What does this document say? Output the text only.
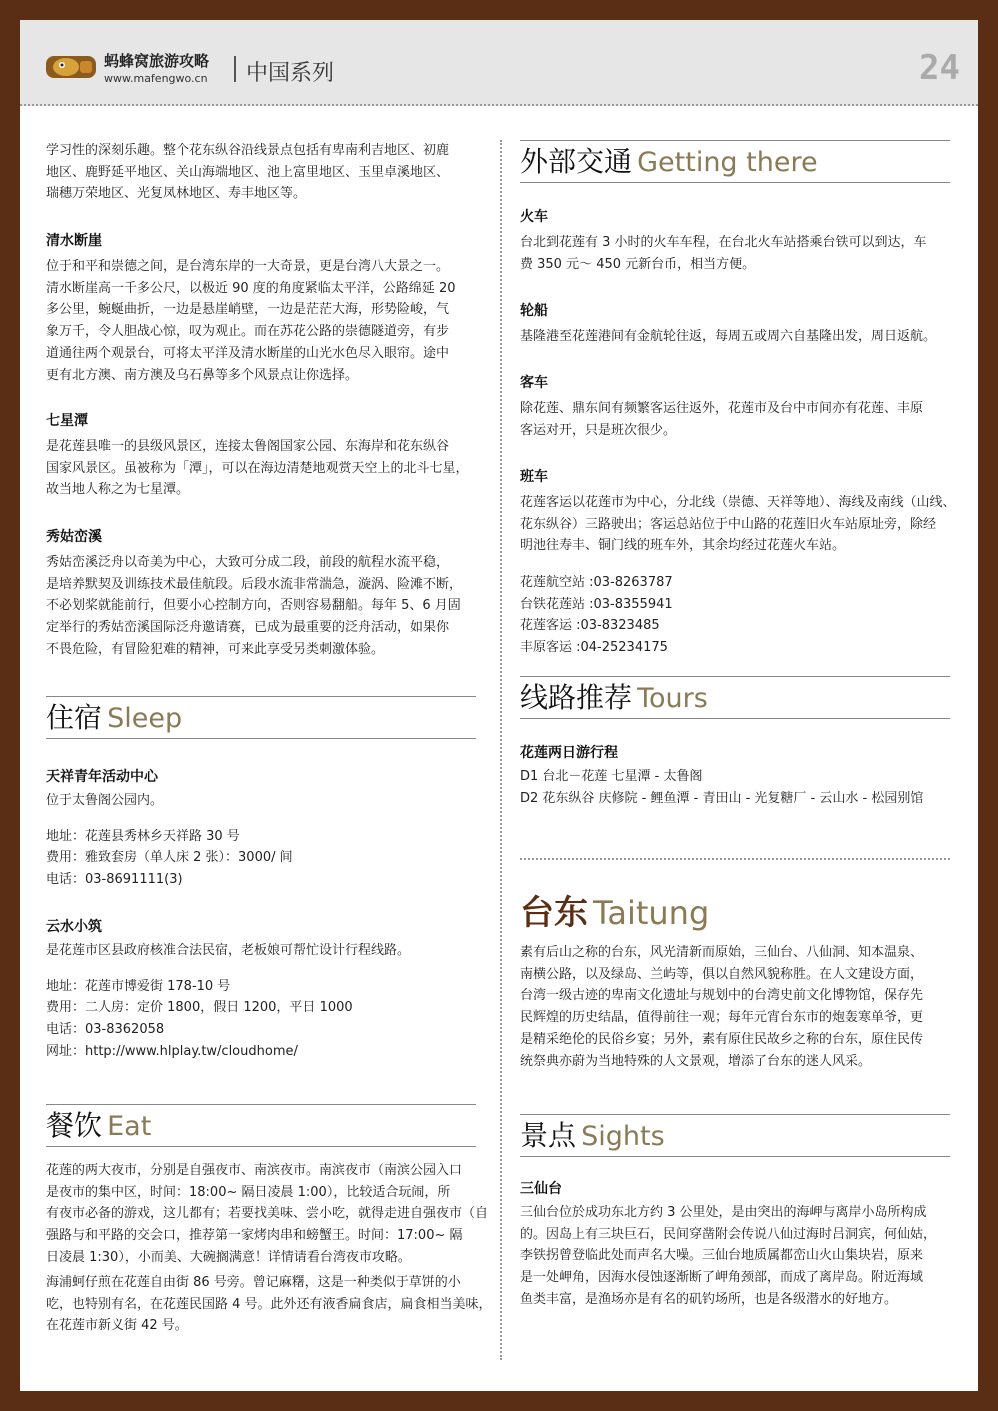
蚂蜂窝旅游攻略
www.mafengwo.cn 中国系列	24
学习性的深刻乐趣。整个花东纵谷沿线景点包括有卑南利吉地区、初鹿
地区、鹿野延平地区、关山海端地区、池上富里地区、玉里卓溪地区、
瑞穗万荣地区、光复凤林地区、寿丰地区等。
清水断崖
位于和平和崇德之间，是台湾东岸的一大奇景，更是台湾八大景之一。
清水断崖高一千多公尺，以极近 90 度的角度紧临太平洋，公路绵延 20
多公里，蜿蜒曲折，一边是悬崖峭壁，一边是茫茫大海，形势险峻，气
象万千，令人胆战心惊，叹为观止。而在苏花公路的崇德隧道旁，有步
道通往两个观景台，可将太平洋及清水断崖的山光水色尽入眼帘。途中
更有北方澳、南方澳及乌石鼻等多个风景点让你选择。
七星潭
是花莲县唯一的县级风景区，连接太鲁阁国家公园、东海岸和花东纵谷
国家风景区。虽被称为「潭」，可以在海边清楚地观赏天空上的北斗七星，
故当地人称之为七星潭。
秀姑峦溪
秀姑峦溪泛舟以奇美为中心，大致可分成二段，前段的航程水流平稳，
是培养默契及训练技术最佳航段。后段水流非常湍急，漩涡、险滩不断，
不必划桨就能前行，但要小心控制方向，否则容易翻船。每年 5、6 月固
定举行的秀姑峦溪国际泛舟邀请赛，已成为最重要的泛舟活动，如果你
不畏危险，有冒险犯难的精神，可来此享受另类刺激体验。
住宿 Sleep
天祥青年活动中心
位于太鲁阁公园内。
地址：花莲县秀林乡天祥路 30 号
费用：雅致套房（单人床 2 张）：3000/ 间
电话：03-8691111(3)
云水小筑
是花莲市区县政府核准合法民宿，老板娘可帮忙设计行程线路。
地址：花莲市博爱街 178-10 号
费用：二人房：定价 1800，假日 1200，平日 1000
电话：03-8362058
网址：http://www.hlplay.tw/cloudhome/
餐饮 Eat
花莲的两大夜市，分别是自强夜市、南滨夜市。南滨夜市（南滨公园入口
是夜市的集中区，时间：18:00~ 隔日凌晨 1:00），比较适合玩闹，所
有夜市必备的游戏，这儿都有；若要找美味、尝小吃，就得走进自强夜市（自
强路与和平路的交会口，推荐第一家烤肉串和螃蟹王。时间：17:00~ 隔
日凌晨 1:30），小而美、大碗搁满意！详情请看台湾夜市攻略。
海浦蚵仔煎在花莲自由街 86 号旁。曾记麻糬，这是一种类似于草饼的小
吃，也特别有名，在花莲民国路 4 号。此外还有液香扁食店，扁食相当美味，
在花莲市新义街 42 号。
外部交通 Getting there
火车
台北到花莲有 3 小时的火车车程，在台北火车站搭乘台铁可以到达，车
费 350 元～ 450 元新台币，相当方便。
轮船
基隆港至花莲港间有金航轮往返，每周五或周六自基隆出发，周日返航。
客车
除花莲、鼎东间有频繁客运往返外，花莲市及台中市间亦有花莲、丰原
客运对开，只是班次很少。
班车
花莲客运以花莲市为中心，分北线（崇德、天祥等地）、海线及南线（山线、
花东纵谷）三路驶出；客运总站位于中山路的花莲旧火车站原址旁，除经
明池往寿丰、铜门线的班车外，其余均经过花莲火车站。
花莲航空站 :03-8263787
台铁花莲站 :03-8355941
花莲客运 :03-8323485
丰原客运 :04-25234175
线路推荐 Tours
花莲两日游行程
D1 台北－花莲 七星潭 - 太鲁阁
D2 花东纵谷 庆修院 - 鲤鱼潭 - 青田山 - 光复糖厂 - 云山水 - 松园别馆
台东 Taitung
素有后山之称的台东，风光清新而原始，三仙台、八仙洞、知本温泉、
南横公路，以及绿岛、兰屿等，俱以自然风貌称胜。在人文建设方面，
台湾一级古迹的卑南文化遗址与规划中的台湾史前文化博物馆，保存先
民辉煌的历史结晶，值得前往一观；每年元宵台东市的炮轰寒单爷，更
是精采绝伦的民俗乡宴；另外，素有原住民故乡之称的台东，原住民传
统祭典亦蔚为当地特殊的人文景观，增添了台东的迷人风采。
景点 Sights
三仙台
三仙台位於成功东北方约 3 公里处，是由突出的海岬与离岸小岛所构成
的。因岛上有三块巨石，民间穿凿附会传说八仙过海时吕洞宾，何仙姑，
李铁拐曾登临此处而声名大噪。三仙台地质属都峦山火山集块岩，原来
是一处岬角，因海水侵蚀逐渐断了岬角颈部，而成了离岸岛。附近海域
鱼类丰富，是渔场亦是有名的矶钓场所，也是各级潜水的好地方。
